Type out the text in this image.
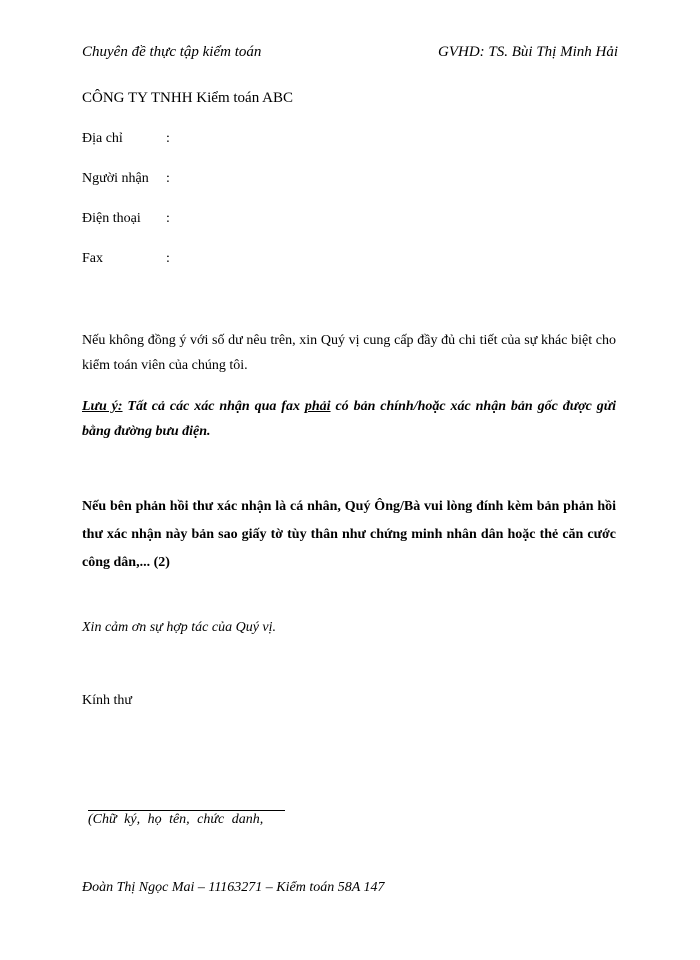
Chuyên đề thực tập kiểm toán	GVHD: TS. Bùi Thị Minh Hải
CÔNG TY TNHH Kiểm toán ABC
Địa chỉ	:
Người nhận :
Điện thoại :
Fax	:
Nếu không đồng ý với số dư nêu trên, xin Quý vị cung cấp đầy đủ chi tiết của sự khác biệt cho kiểm toán viên của chúng tôi.
Lưu ý: Tất cả các xác nhận qua fax phải có bản chính/hoặc xác nhận bản gốc được gửi bằng đường bưu điện.
Nếu bên phản hồi thư xác nhận là cá nhân, Quý Ông/Bà vui lòng đính kèm bản phản hồi thư xác nhận này bản sao giấy tờ tùy thân như chứng minh nhân dân hoặc thẻ căn cước công dân,... (2)
Xin cảm ơn sự hợp tác của Quý vị.
Kính thư
(Chữ ký, họ tên, chức danh,
Đoàn Thị Ngọc Mai – 11163271 – Kiểm toán 58A 147
